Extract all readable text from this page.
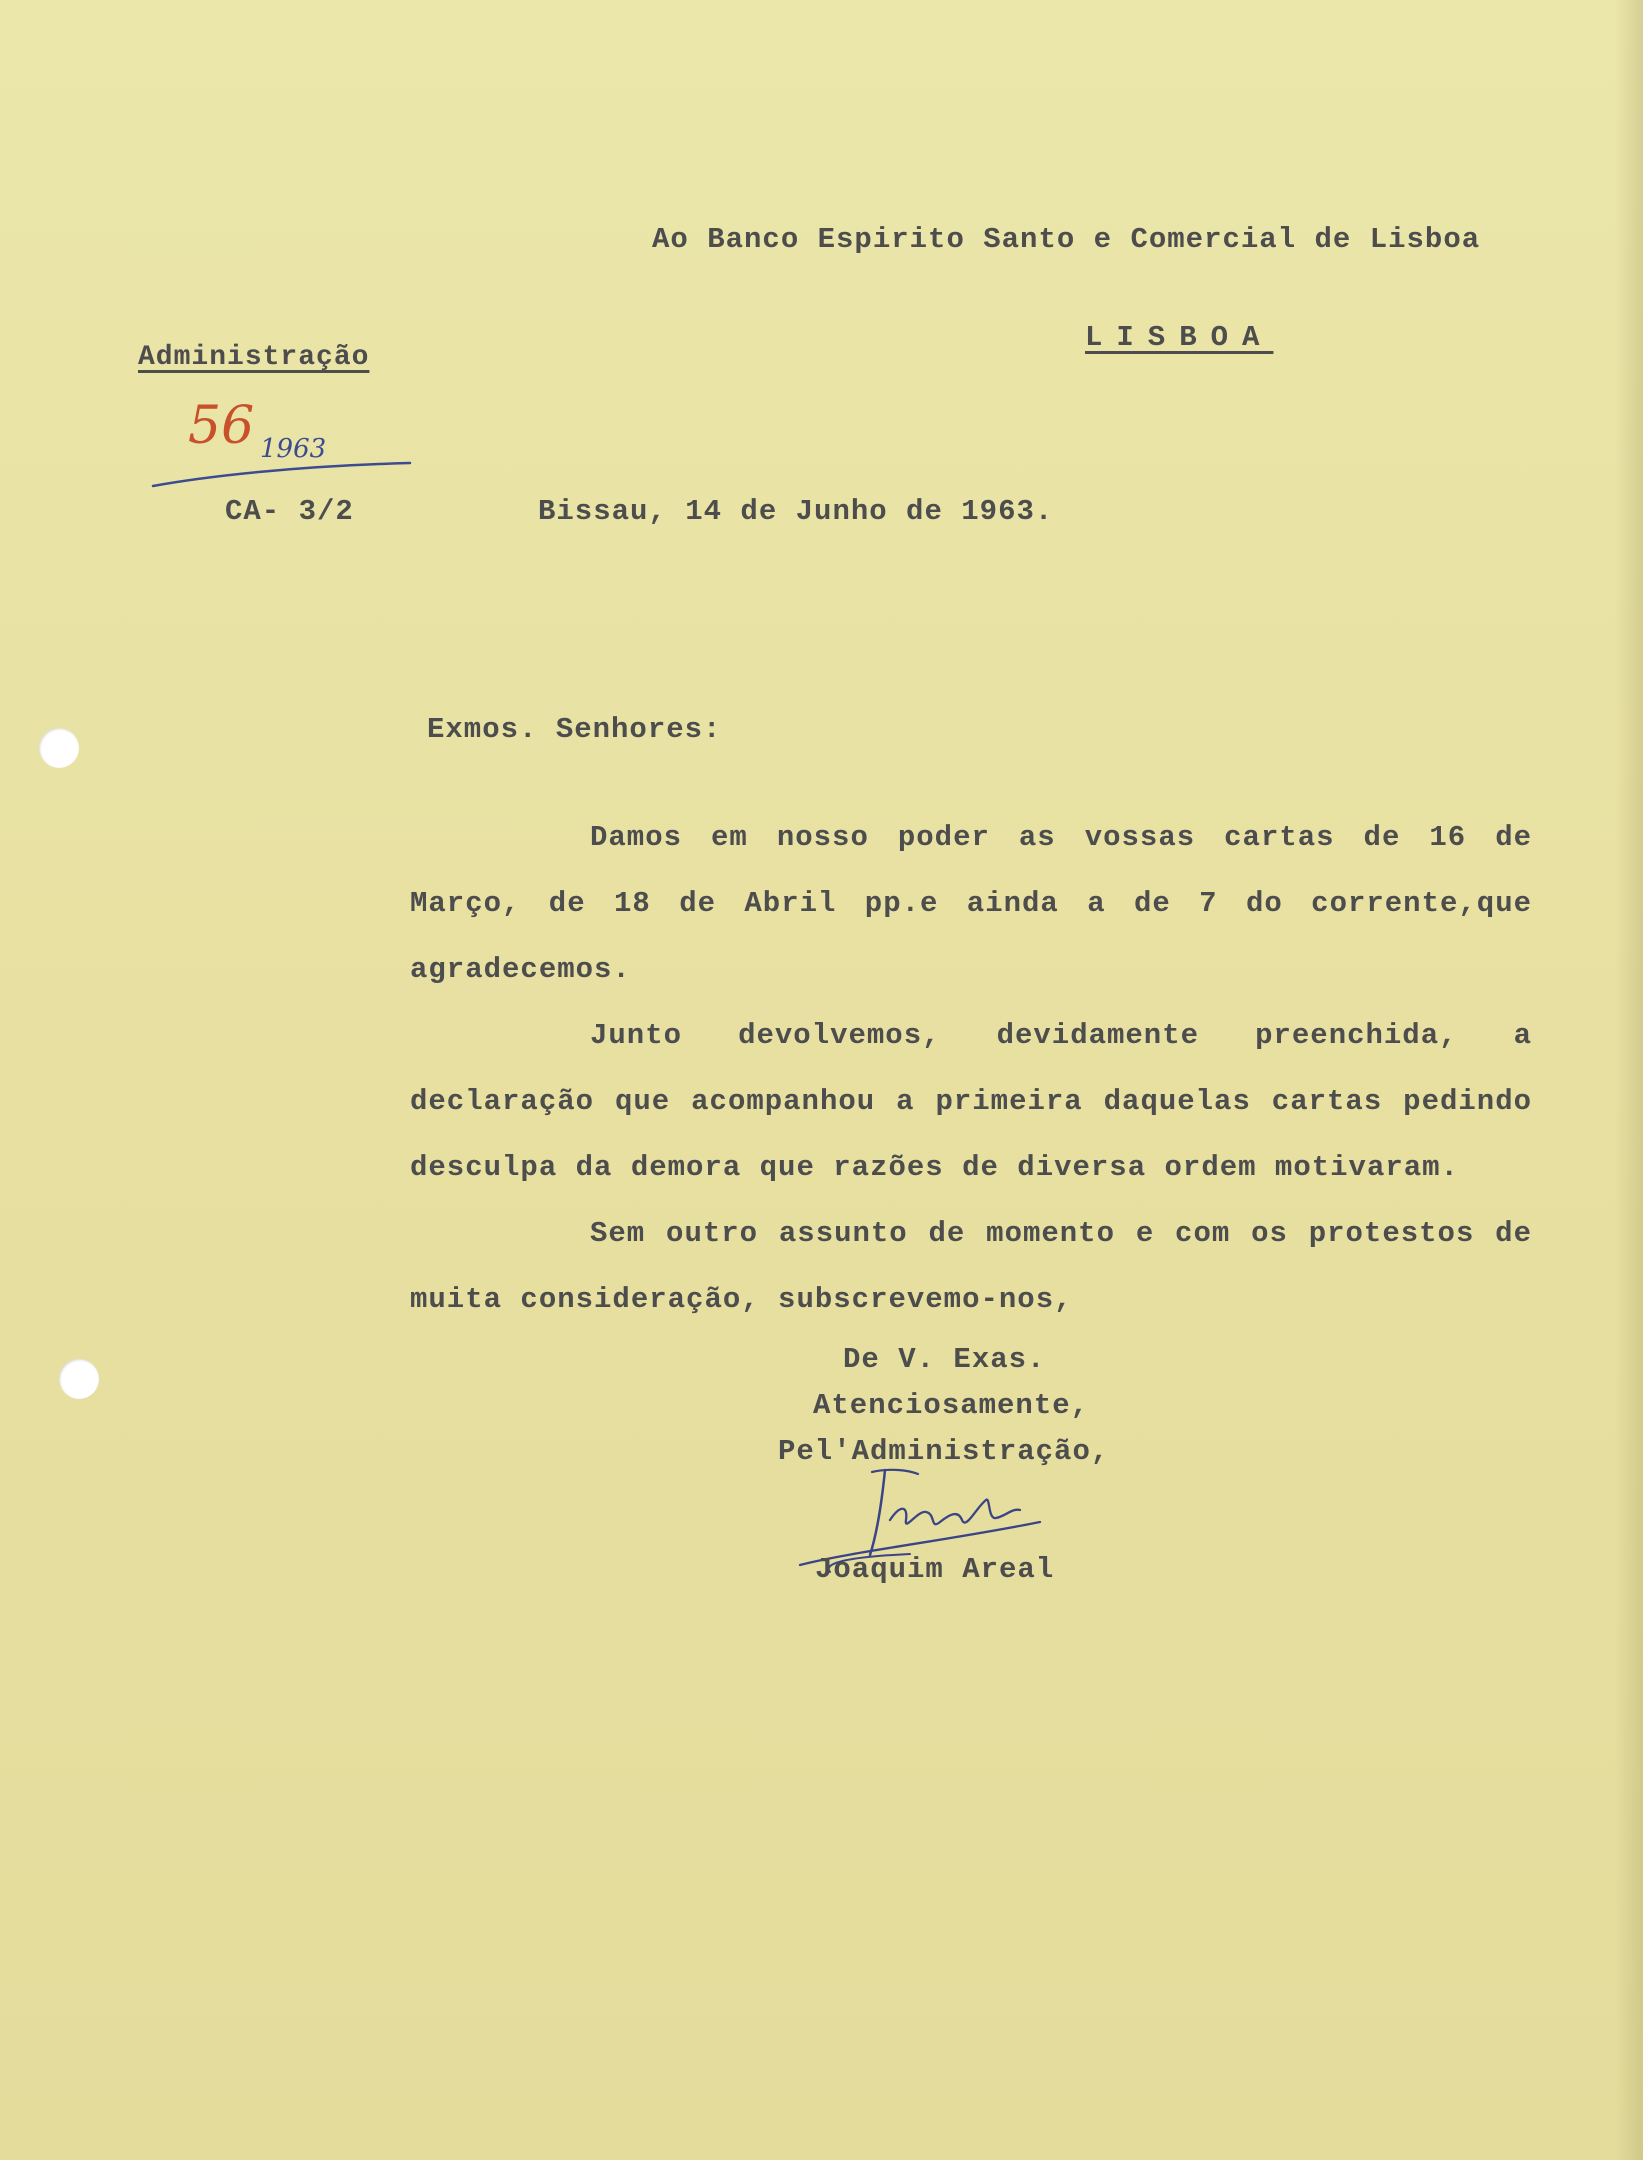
Ao Banco Espirito Santo e Comercial de Lisboa
LISBOA
Administração
56 1963
CA- 3/2	Bissau, 14 de Junho de 1963.
Exmos. Senhores:

Damos em nosso poder as vossas cartas de 16 de Março, de 18 de Abril pp.e ainda a de 7 do corrente,que agradecemos.

Junto devolvemos, devidamente preenchida, a declaração que acompanhou a primeira daquelas cartas pedindo desculpa da demora que razões de diversa ordem motivaram.

Sem outro assunto de momento e com os protestos de muita consideração, subscrevemo-nos,

De V. Exas.
Atenciosamente,
Pel'Administração,
Joaquim Areal
